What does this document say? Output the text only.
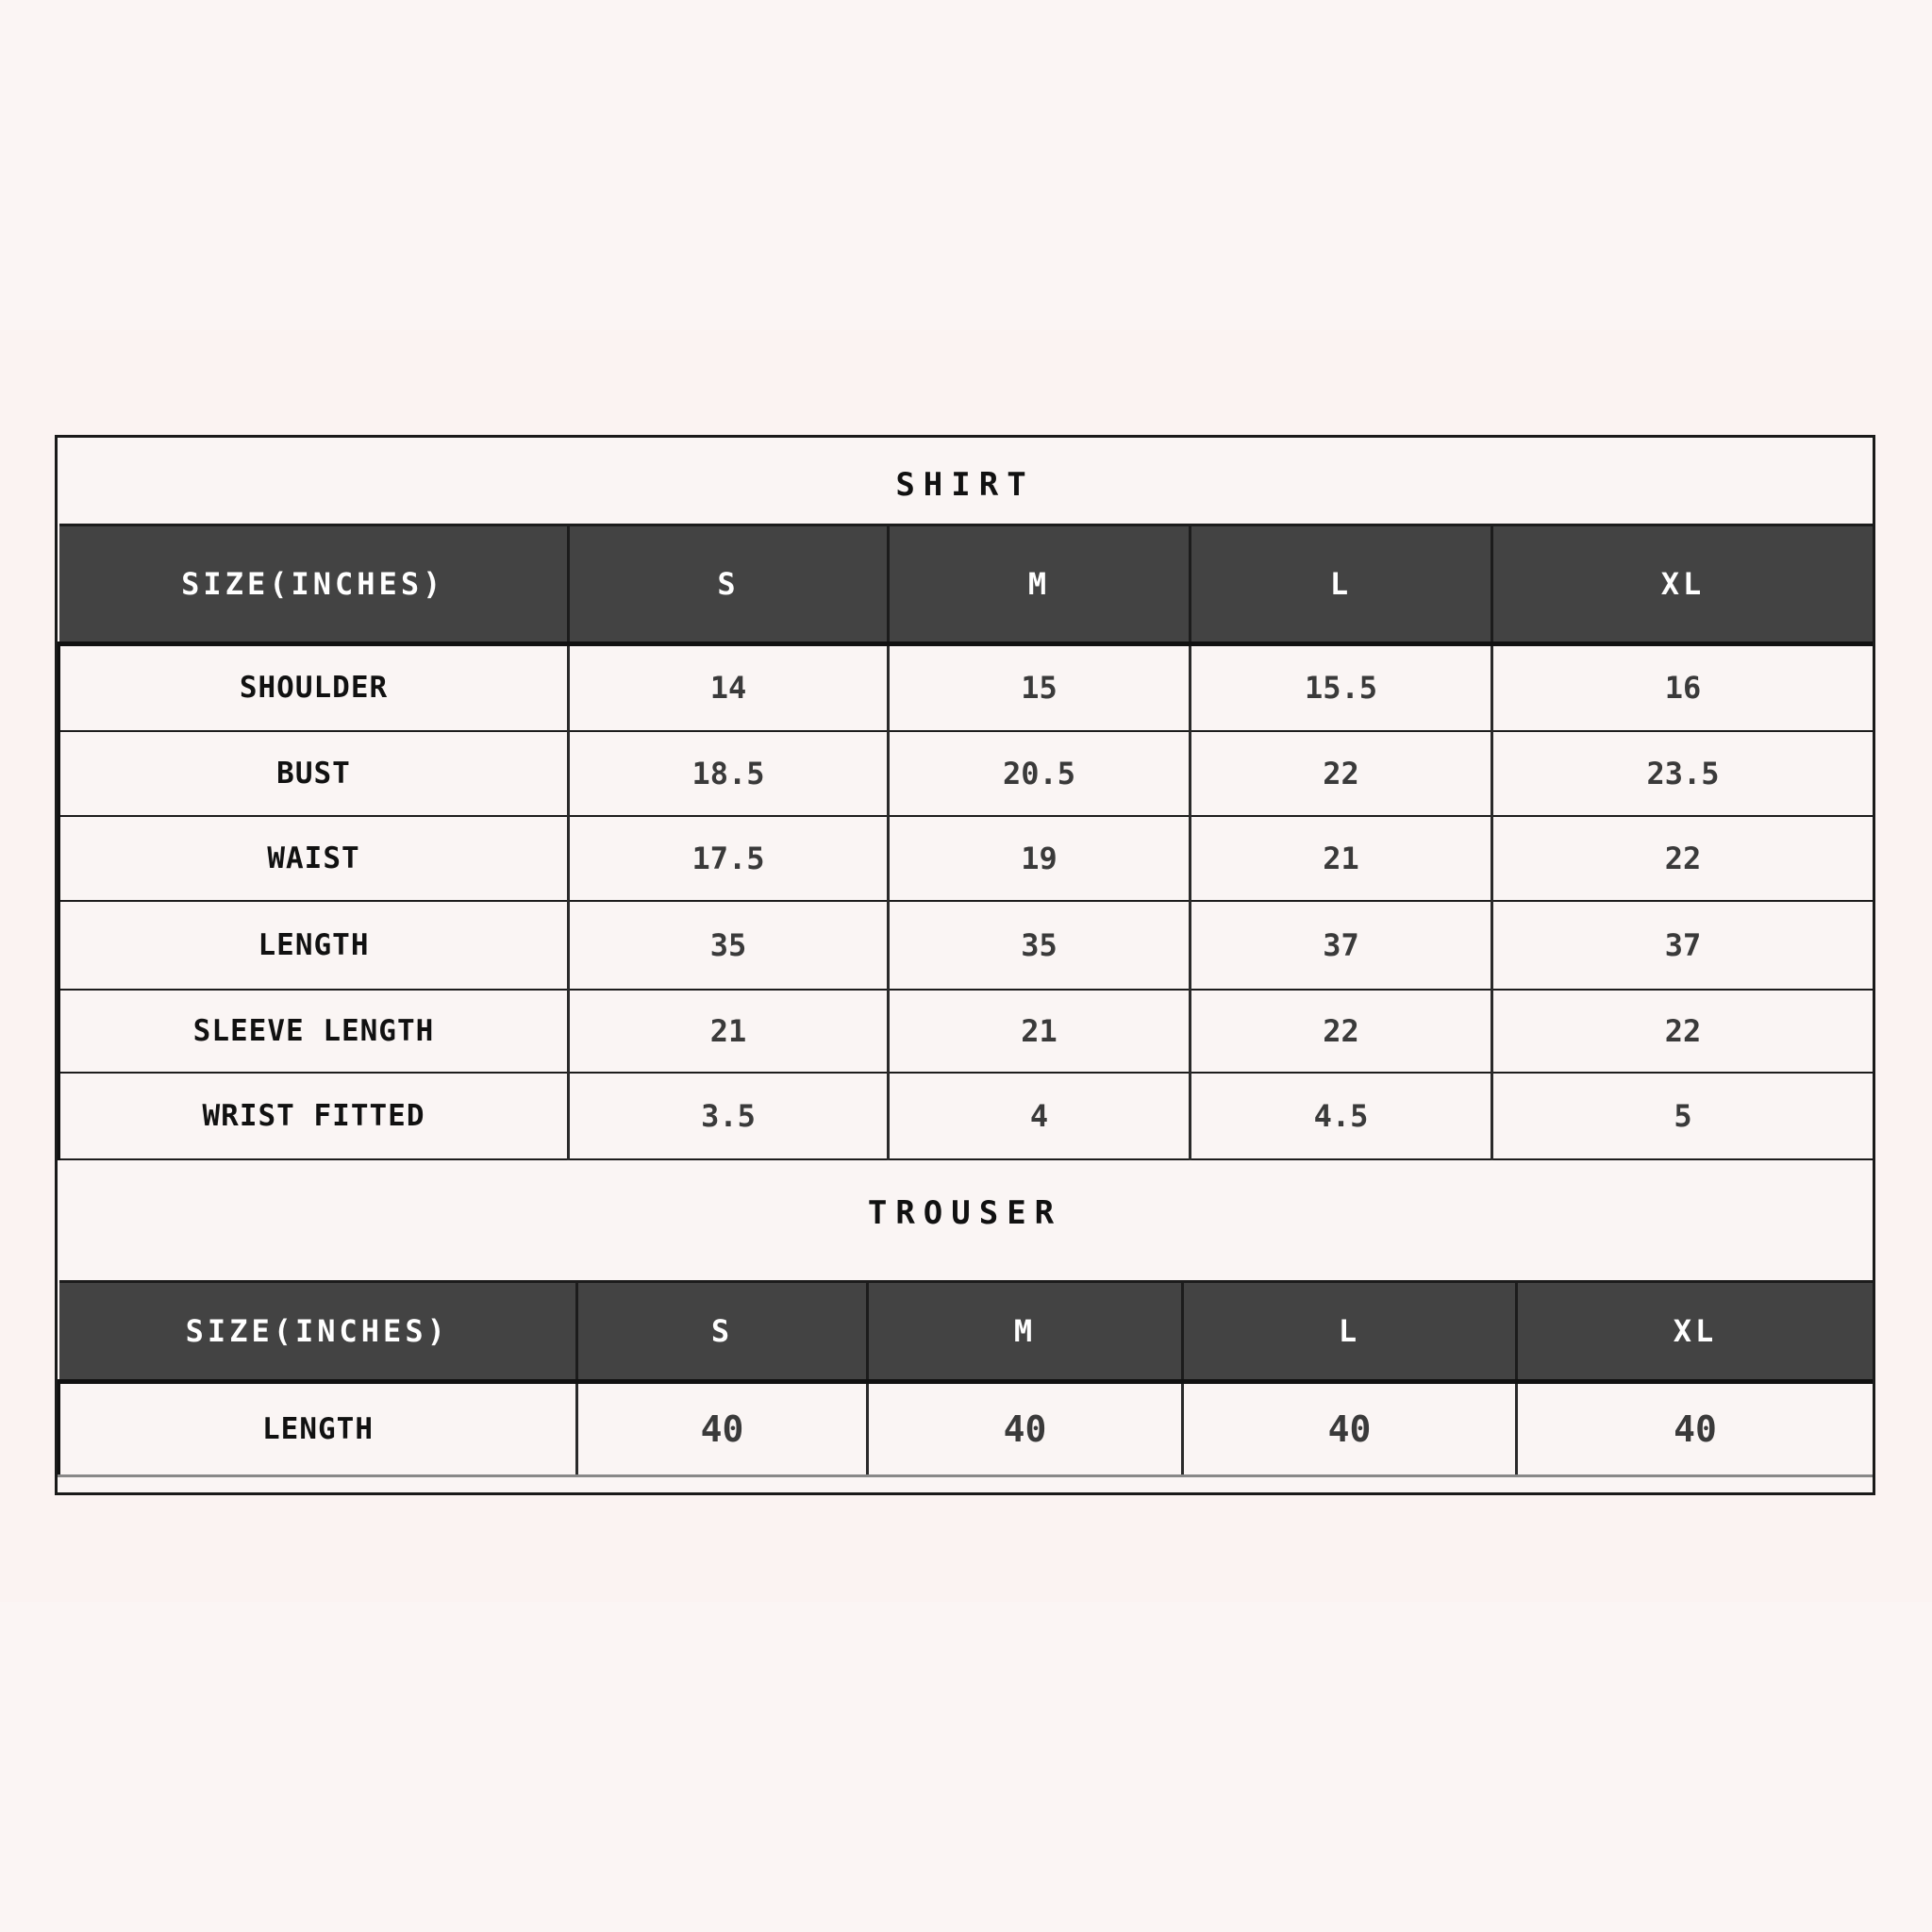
SHIRT
SIZE(INCHES)	S	M	L	XL
SHOULDER	14	15	15.5	16
BUST	18.5	20.5	22	23.5
WAIST	17.5	19	21	22
LENGTH	35	35	37	37
SLEEVE LENGTH	21	21	22	22
WRIST FITTED	3.5	4	4.5	5
TROUSER
SIZE(INCHES)	S	M	L	XL
LENGTH	40	40	40	40
